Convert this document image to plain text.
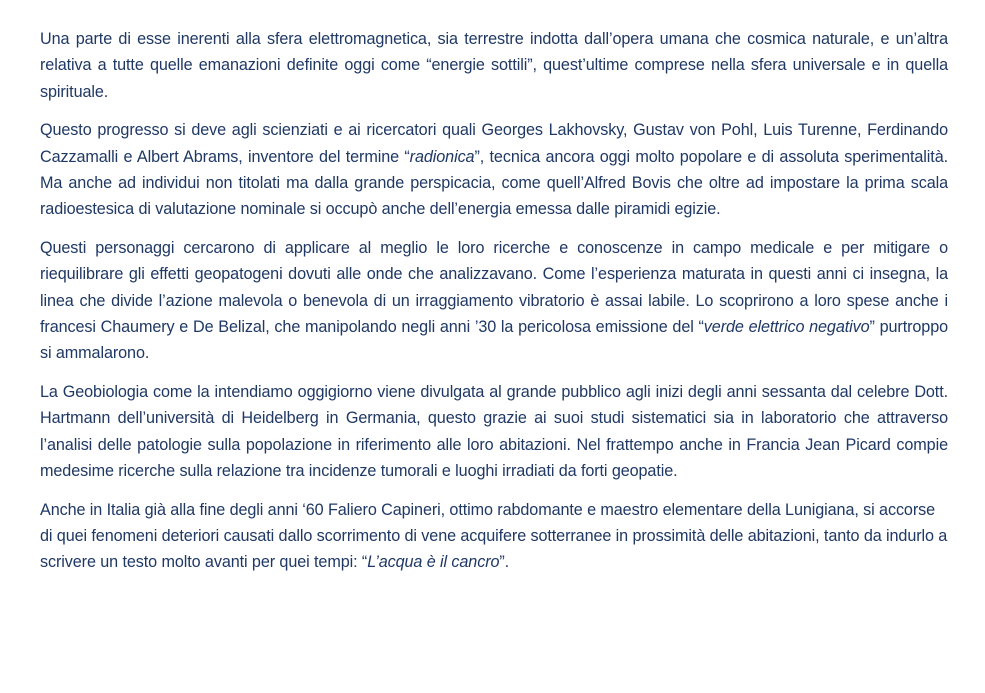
Una parte di esse inerenti alla sfera elettromagnetica, sia terrestre indotta dall’opera umana che cosmica naturale, e un’altra relativa a tutte quelle emanazioni definite oggi come “energie sottili”, quest’ultime comprese nella sfera universale e in quella spirituale.

Questo progresso si deve agli scienziati e ai ricercatori quali Georges Lakhovsky, Gustav von Pohl, Luis Turenne, Ferdinando Cazzamalli e Albert Abrams, inventore del termine “radionica”, tecnica ancora oggi molto popolare e di assoluta sperimentalità. Ma anche ad individui non titolati ma dalla grande perspicacia, come quell’Alfred Bovis che oltre ad impostare la prima scala radioestesica di valutazione nominale si occupò anche dell’energia emessa dalle piramidi egizie.

Questi personaggi cercarono di applicare al meglio le loro ricerche e conoscenze in campo medicale e per mitigare o riequilibrare gli effetti geopatogeni dovuti alle onde che analizzavano. Come l’esperienza maturata in questi anni ci insegna, la linea che divide l’azione malevola o benevola di un irraggiamento vibratorio è assai labile. Lo scoprirono a loro spese anche i francesi Chaumery e De Belizal, che manipolando negli anni ’30 la pericolosa emissione del “verde elettrico negativo” purtroppo si ammalarono.

La Geobiologia come la intendiamo oggigiorno viene divulgata al grande pubblico agli inizi degli anni sessanta dal celebre Dott. Hartmann dell’università di Heidelberg in Germania, questo grazie ai suoi studi sistematici sia in laboratorio che attraverso l’analisi delle patologie sulla popolazione in riferimento alle loro abitazioni. Nel frattempo anche in Francia Jean Picard compie medesime ricerche sulla relazione tra incidenze tumorali e luoghi irradiati da forti geopatie.

Anche in Italia già alla fine degli anni ‘60 Faliero Capineri, ottimo rabdomante e maestro elementare della Lunigiana, si accorse di quei fenomeni deteriori causati dallo scorrimento di vene acquifere sotterranee in prossimità delle abitazioni, tanto da indurlo a scrivere un testo molto avanti per quei tempi: “L’acqua è il cancro”.
